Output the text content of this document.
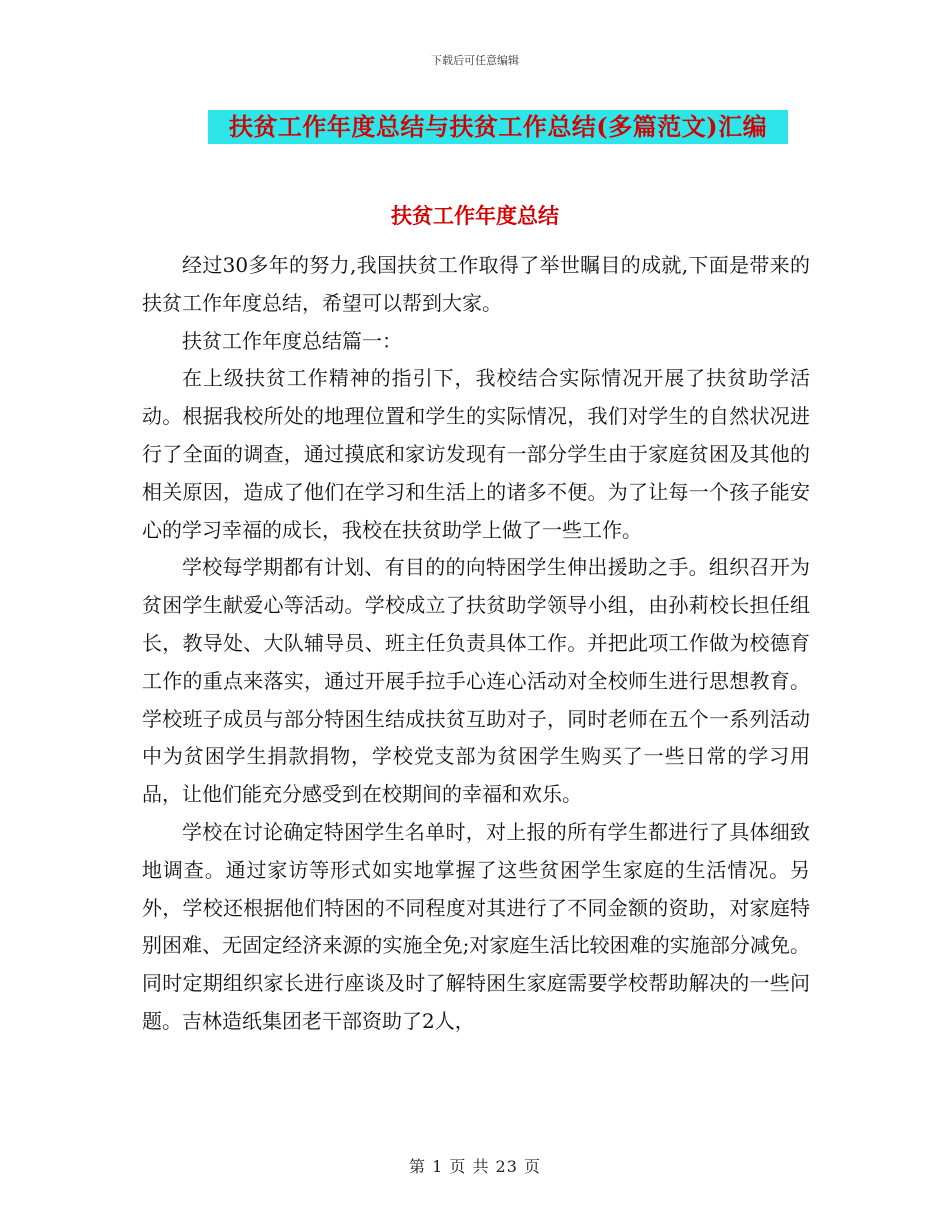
下载后可任意编辑
扶贫工作年度总结与扶贫工作总结(多篇范文)汇编
扶贫工作年度总结

经过30多年的努力,我国扶贫工作取得了举世瞩目的成就,下面是带来的扶贫工作年度总结，希望可以帮到大家。

扶贫工作年度总结篇一：

在上级扶贫工作精神的指引下，我校结合实际情况开展了扶贫助学活动。根据我校所处的地理位置和学生的实际情况，我们对学生的自然状况进行了全面的调查，通过摸底和家访发现有一部分学生由于家庭贫困及其他的相关原因，造成了他们在学习和生活上的诸多不便。为了让每一个孩子能安心的学习幸福的成长，我校在扶贫助学上做了一些工作。

学校每学期都有计划、有目的的向特困学生伸出援助之手。组织召开为贫困学生献爱心等活动。学校成立了扶贫助学领导小组，由孙莉校长担任组长，教导处、大队辅导员、班主任负责具体工作。并把此项工作做为校德育工作的重点来落实，通过开展手拉手心连心活动对全校师生进行思想教育。学校班子成员与部分特困生结成扶贫互助对子，同时老师在五个一系列活动中为贫困学生捐款捐物，学校党支部为贫困学生购买了一些日常的学习用品，让他们能充分感受到在校期间的幸福和欢乐。

学校在讨论确定特困学生名单时，对上报的所有学生都进行了具体细致地调查。通过家访等形式如实地掌握了这些贫困学生家庭的生活情况。另外，学校还根据他们特困的不同程度对其进行了不同金额的资助，对家庭特别困难、无固定经济来源的实施全免;对家庭生活比较困难的实施部分减免。同时定期组织家长进行座谈及时了解特困生家庭需要学校帮助解决的一些问题。吉林造纸集团老干部资助了2人，

第 1 页 共 23 页
